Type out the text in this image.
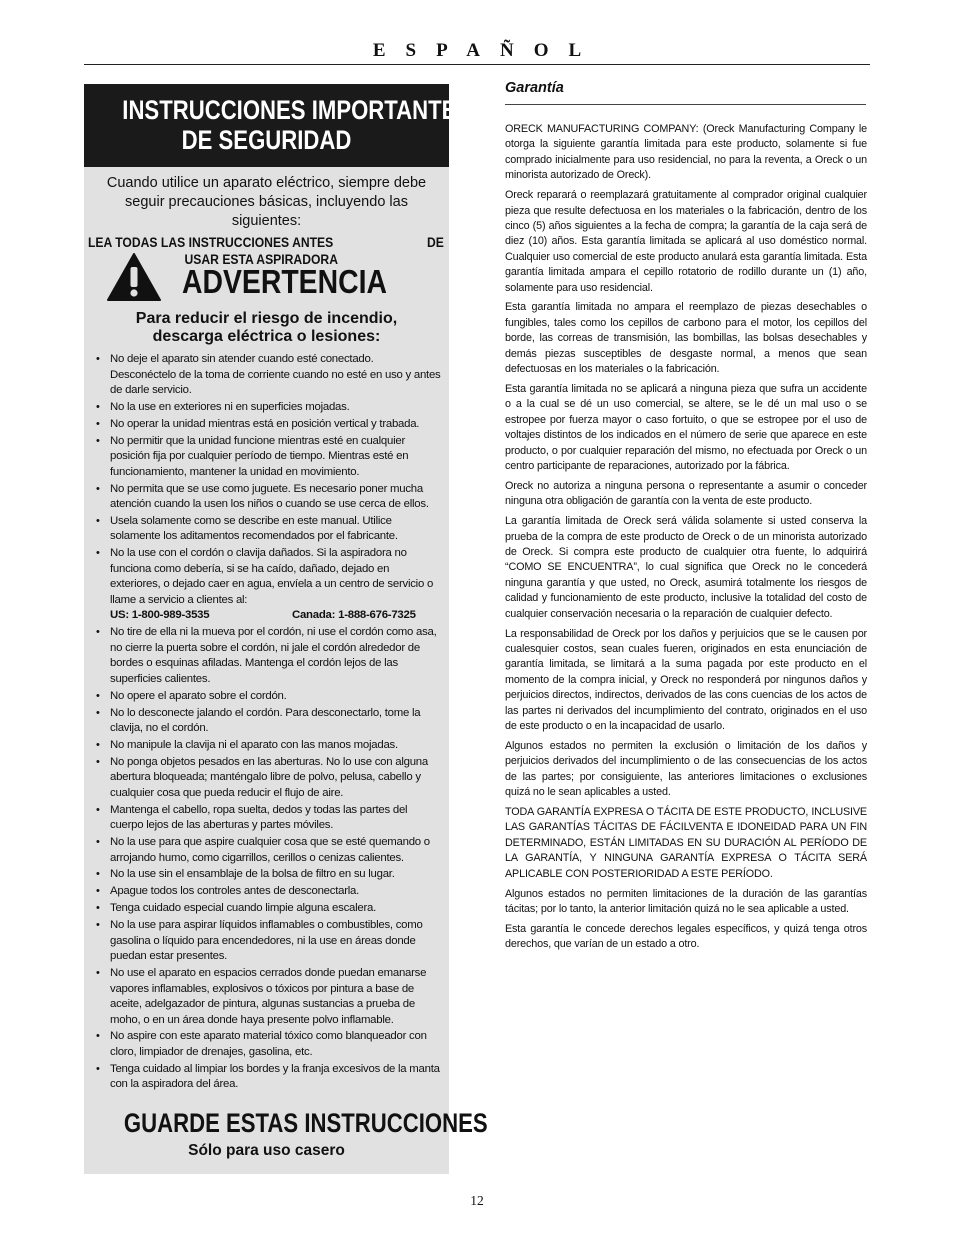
ESPAÑOL
INSTRUCCIONES IMPORTANTES
DE SEGURIDAD
Cuando utilice un aparato eléctrico, siempre debe seguir precauciones básicas, incluyendo las siguientes:
LEA TODAS LAS INSTRUCCIONES ANTES	DE
USAR ESTA ASPIRADORA
ADVERTENCIA
Para reducir el riesgo de incendio,
descarga eléctrica o lesiones:
• No deje el aparato sin atender cuando esté conectado. Desconéctelo de la toma de corriente cuando no esté en uso y antes de darle servicio.
• No la use en exteriores ni en superficies mojadas.
• No operar la unidad mientras está en posición vertical y trabada.
• No permitir que la unidad funcione mientras esté en cualquier posición fija por cualquier período de tiempo. Mientras esté en funcionamiento, mantener la unidad en movimiento.
• No permita que se use como juguete. Es necesario poner mucha atención cuando la usen los niños o cuando se use cerca de ellos.
• Usela solamente como se describe en este manual. Utilice solamente los aditamentos recomendados por el fabricante.
• No la use con el cordón o clavija dañados. Si la aspiradora no funciona como debería, si se ha caído, dañado, dejado en exteriores, o dejado caer en agua, envíela a un centro de servicio o llame a servicio a clientes al:
US: 1-800-989-3535	Canada: 1-888-676-7325
• No tire de ella ni la mueva por el cordón, ni use el cordón como asa, no cierre la puerta sobre el cordón, ni jale el cordón alrededor de bordes o esquinas afiladas. Mantenga el cordón lejos de las superficies calientes.
• No opere el aparato sobre el cordón.
• No lo desconecte jalando el cordón. Para desconectarlo, tome la clavija, no el cordón.
• No manipule la clavija ni el aparato con las manos mojadas.
• No ponga objetos pesados en las aberturas. No lo use con alguna abertura bloqueada; manténgalo libre de polvo, pelusa, cabello y cualquier cosa que pueda reducir el flujo de aire.
• Mantenga el cabello, ropa suelta, dedos y todas las partes del cuerpo lejos de las aberturas y partes móviles.
• No la use para que aspire cualquier cosa que se esté quemando o arrojando humo, como cigarrillos, cerillos o cenizas calientes.
• No la use sin el ensamblaje de la bolsa de filtro en su lugar.
• Apague todos los controles antes de desconectarla.
• Tenga cuidado especial cuando limpie alguna escalera.
• No la use para aspirar líquidos inflamables o combustibles, como gasolina o líquido para encendedores, ni la use en áreas donde puedan estar presentes.
• No use el aparato en espacios cerrados donde puedan emanarse vapores inflamables, explosivos o tóxicos por pintura a base de aceite, adelgazador de pintura, algunas sustancias a prueba de moho, o en un área donde haya presente polvo inflamable.
• No aspire con este aparato material tóxico como blanqueador con cloro, limpiador de drenajes, gasolina, etc.
• Tenga cuidado al limpiar los bordes y la franja excesivos de la manta con la aspiradora del área.
GUARDE ESTAS INSTRUCCIONES
Sólo para uso casero
Garantía

ORECK MANUFACTURING COMPANY: (Oreck Manufacturing Company le otorga la siguiente garantía limitada para este producto, solamente si fue comprado inicialmente para uso residencial, no para la reventa, a Oreck o un minorista autorizado de Oreck).

Oreck reparará o reemplazará gratuitamente al comprador original cualquier pieza que resulte defectuosa en los materiales o la fabricación, dentro de los cinco (5) años siguientes a la fecha de compra; la garantía de la caja será de diez (10) años. Esta garantía limitada se aplicará al uso doméstico normal. Cualquier uso comercial de este producto anulará esta garantía limitada. Esta garantía limitada ampara el cepillo rotatorio de rodillo durante un (1) año, solamente para uso residencial.

Esta garantía limitada no ampara el reemplazo de piezas desechables o fungibles, tales como los cepillos de carbono para el motor, los cepillos del borde, las correas de transmisión, las bombillas, las bolsas desechables y demás piezas susceptibles de desgaste normal, a menos que sean defectuosas en los materiales o la fabricación.

Esta garantía limitada no se aplicará a ninguna pieza que sufra un accidente o a la cual se dé un uso comercial, se altere, se le dé un mal uso o se estropee por fuerza mayor o caso fortuito, o que se estropee por el uso de voltajes distintos de los indicados en el número de serie que aparece en este producto, o por cualquier reparación del mismo, no efectuada por Oreck o un centro participante de reparaciones, autorizado por la fábrica.

Oreck no autoriza a ninguna persona o representante a asumir o conceder ninguna otra obligación de garantía con la venta de este producto.

La garantía limitada de Oreck será válida solamente si usted conserva la prueba de la compra de este producto de Oreck o de un minorista autorizado de Oreck. Si compra este producto de cualquier otra fuente, lo adquirirá “COMO SE ENCUENTRA”, lo cual significa que Oreck no le concederá ninguna garantía y que usted, no Oreck, asumirá totalmente los riesgos de calidad y funcionamiento de este producto, inclusive la totalidad del costo de cualquier conservación necesaria o la reparación de cualquier defecto.

La responsabilidad de Oreck por los daños y perjuicios que se le causen por cualesquier costos, sean cuales fueren, originados en esta enunciación de garantía limitada, se limitará a la suma pagada por este producto en el momento de la compra inicial, y Oreck no responderá por ningunos daños y perjuicios directos, indirectos, derivados de las cons cuencias de los actos de las partes ni derivados del incumplimiento del contrato, originados en el uso de este producto o en la incapacidad de usarlo.

Algunos estados no permiten la exclusión o limitación de los daños y perjuicios derivados del incumplimiento o de las consecuencias de los actos de las partes; por consiguiente, las anteriores limitaciones o exclusiones quizá no le sean aplicables a usted.

TODA GARANTÍA EXPRESA O TÁCITA DE ESTE PRODUCTO, INCLUSIVE LAS GARANTÍAS TÁCITAS DE FÁCILVENTA E IDONEIDAD PARA UN FIN DETERMINADO, ESTÁN LIMITADAS EN SU DURACIÓN AL PERÍODO DE LA GARANTÍA, Y NINGUNA GARANTÍA EXPRESA O TÁCITA SERÁ APLICABLE CON POSTERIORIDAD A ESTE PERÍODO.

Algunos estados no permiten limitaciones de la duración de las garantías tácitas; por lo tanto, la anterior limitación quizá no le sea aplicable a usted.

Esta garantía le concede derechos legales específicos, y quizá tenga otros derechos, que varían de un estado a otro.

12
